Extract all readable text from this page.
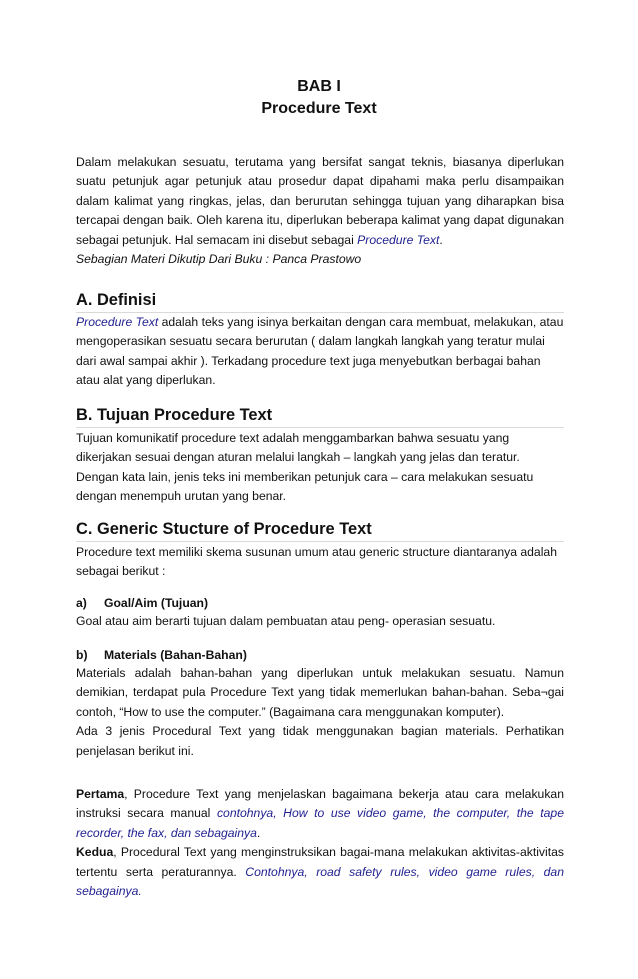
BAB I
Procedure Text

Dalam melakukan sesuatu, terutama yang bersifat sangat teknis, biasanya diperlukan suatu petunjuk agar petunjuk atau prosedur dapat dipahami maka perlu disampaikan dalam kalimat yang ringkas, jelas, dan berurutan sehingga tujuan yang diharapkan bisa tercapai dengan baik. Oleh karena itu, diperlukan beberapa kalimat yang dapat digunakan sebagai petunjuk. Hal semacam ini disebut sebagai Procedure Text.
Sebagian Materi Dikutip Dari Buku : Panca Prastowo

A. Definisi

Procedure Text adalah teks yang isinya berkaitan dengan cara membuat, melakukan, atau mengoperasikan sesuatu secara berurutan ( dalam langkah langkah yang teratur mulai dari awal sampai akhir ). Terkadang procedure text juga menyebutkan berbagai bahan atau alat yang diperlukan.

B. Tujuan Procedure Text

Tujuan komunikatif procedure text adalah menggambarkan bahwa sesuatu yang dikerjakan sesuai dengan aturan melalui langkah – langkah yang jelas dan teratur. Dengan kata lain, jenis teks ini memberikan petunjuk cara – cara melakukan sesuatu dengan menempuh urutan yang benar.

C. Generic Stucture of Procedure Text

Procedure text memiliki skema susunan umum atau generic structure diantaranya adalah sebagai berikut :

a) Goal/Aim (Tujuan)

Goal atau aim berarti tujuan dalam pembuatan atau peng- operasian sesuatu.

b) Materials (Bahan-Bahan)

Materials adalah bahan-bahan yang diperlukan untuk melakukan sesuatu. Namun demikian, terdapat pula Procedure Text yang tidak memerlukan bahan-bahan. Seba¬gai contoh, “How to use the computer.” (Bagaimana cara menggunakan komputer).
Ada 3 jenis Procedural Text yang tidak menggunakan bagian materials. Perhatikan penjelasan berikut ini.

Pertama, Procedure Text yang menjelaskan bagaimana bekerja atau cara melakukan instruksi secara manual contohnya, How to use video game, the computer, the tape recorder, the fax, dan sebagainya.
Kedua, Procedural Text yang menginstruksikan bagai-mana melakukan aktivitas-aktivitas tertentu serta peraturannya. Contohnya, road safety rules, video game rules, dan sebagainya.
